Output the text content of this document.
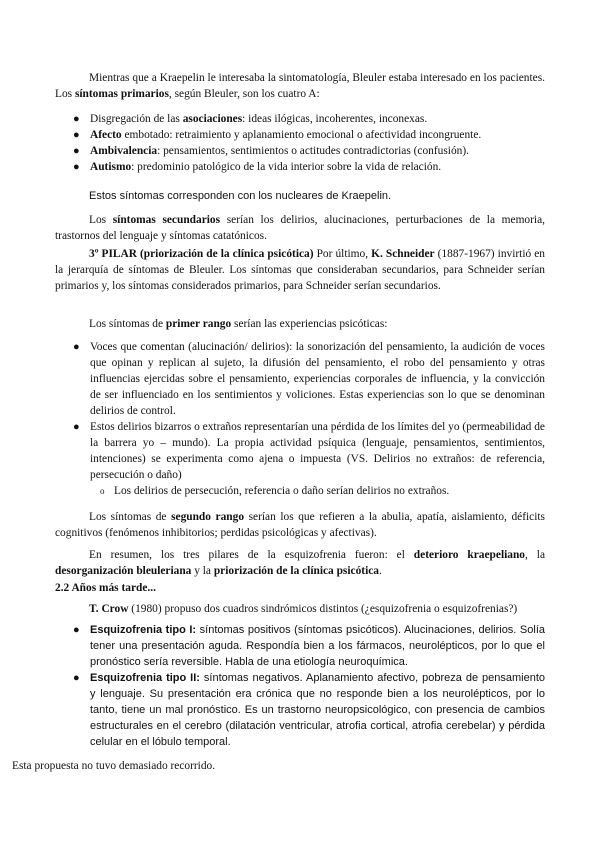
Mientras que a Kraepelin le interesaba la sintomatología, Bleuler estaba interesado en los pacientes. Los síntomas primarios, según Bleuler, son los cuatro A:

● Disgregación de las asociaciones: ideas ilógicas, incoherentes, inconexas.
● Afecto embotado: retraimiento y aplanamiento emocional o afectividad incongruente.
● Ambivalencia: pensamientos, sentimientos o actitudes contradictorias (confusión).
● Autismo: predominio patológico de la vida interior sobre la vida de relación.

Estos síntomas corresponden con los nucleares de Kraepelin.

Los síntomas secundarios serían los delirios, alucinaciones, perturbaciones de la memoria, trastornos del lenguaje y síntomas catatónicos.

3º PILAR (priorización de la clínica psicótica) Por último, K. Schneider (1887-1967) invirtió en la jerarquía de síntomas de Bleuler. Los síntomas que consideraban secundarios, para Schneider serían primarios y, los síntomas considerados primarios, para Schneider serían secundarios.

Los síntomas de primer rango serían las experiencias psicóticas:

● Voces que comentan (alucinación/ delirios): la sonorización del pensamiento, la audición de voces que opinan y replican al sujeto, la difusión del pensamiento, el robo del pensamiento y otras influencias ejercidas sobre el pensamiento, experiencias corporales de influencia, y la convicción de ser influenciado en los sentimientos y voliciones. Estas experiencias son lo que se denominan delirios de control.
● Estos delirios bizarros o extraños representarían una pérdida de los límites del yo (permeabilidad de la barrera yo – mundo). La propia actividad psíquica (lenguaje, pensamientos, sentimientos, intenciones) se experimenta como ajena o impuesta (VS. Delirios no extraños: de referencia, persecución o daño)

o Los delirios de persecución, referencia o daño serían delirios no extraños.

Los síntomas de segundo rango serían los que refieren a la abulia, apatía, aislamiento, déficits cognitivos (fenómenos inhibitorios; perdidas psicológicas y afectivas).

En resumen, los tres pilares de la esquizofrenia fueron: el deterioro kraepeliano, la desorganización bleuleriana y la priorización de la clínica psicótica.

2.2 Años más tarde...

T. Crow (1980) propuso dos cuadros sindrómicos distintos (¿esquizofrenia o esquizofrenias?)

● Esquizofrenia tipo I: síntomas positivos (síntomas psicóticos). Alucinaciones, delirios. Solía tener una presentación aguda. Respondía bien a los fármacos, neurolépticos, por lo que el pronóstico sería reversible. Habla de una etiología neuroquímica.
● Esquizofrenia tipo II: síntomas negativos. Aplanamiento afectivo, pobreza de pensamiento y lenguaje. Su presentación era crónica que no responde bien a los neurolépticos, por lo tanto, tiene un mal pronóstico. Es un trastorno neuropsicológico, con presencia de cambios estructurales en el cerebro (dilatación ventricular, atrofia cortical, atrofia cerebelar) y pérdida celular en el lóbulo temporal.

Esta propuesta no tuvo demasiado recorrido.
